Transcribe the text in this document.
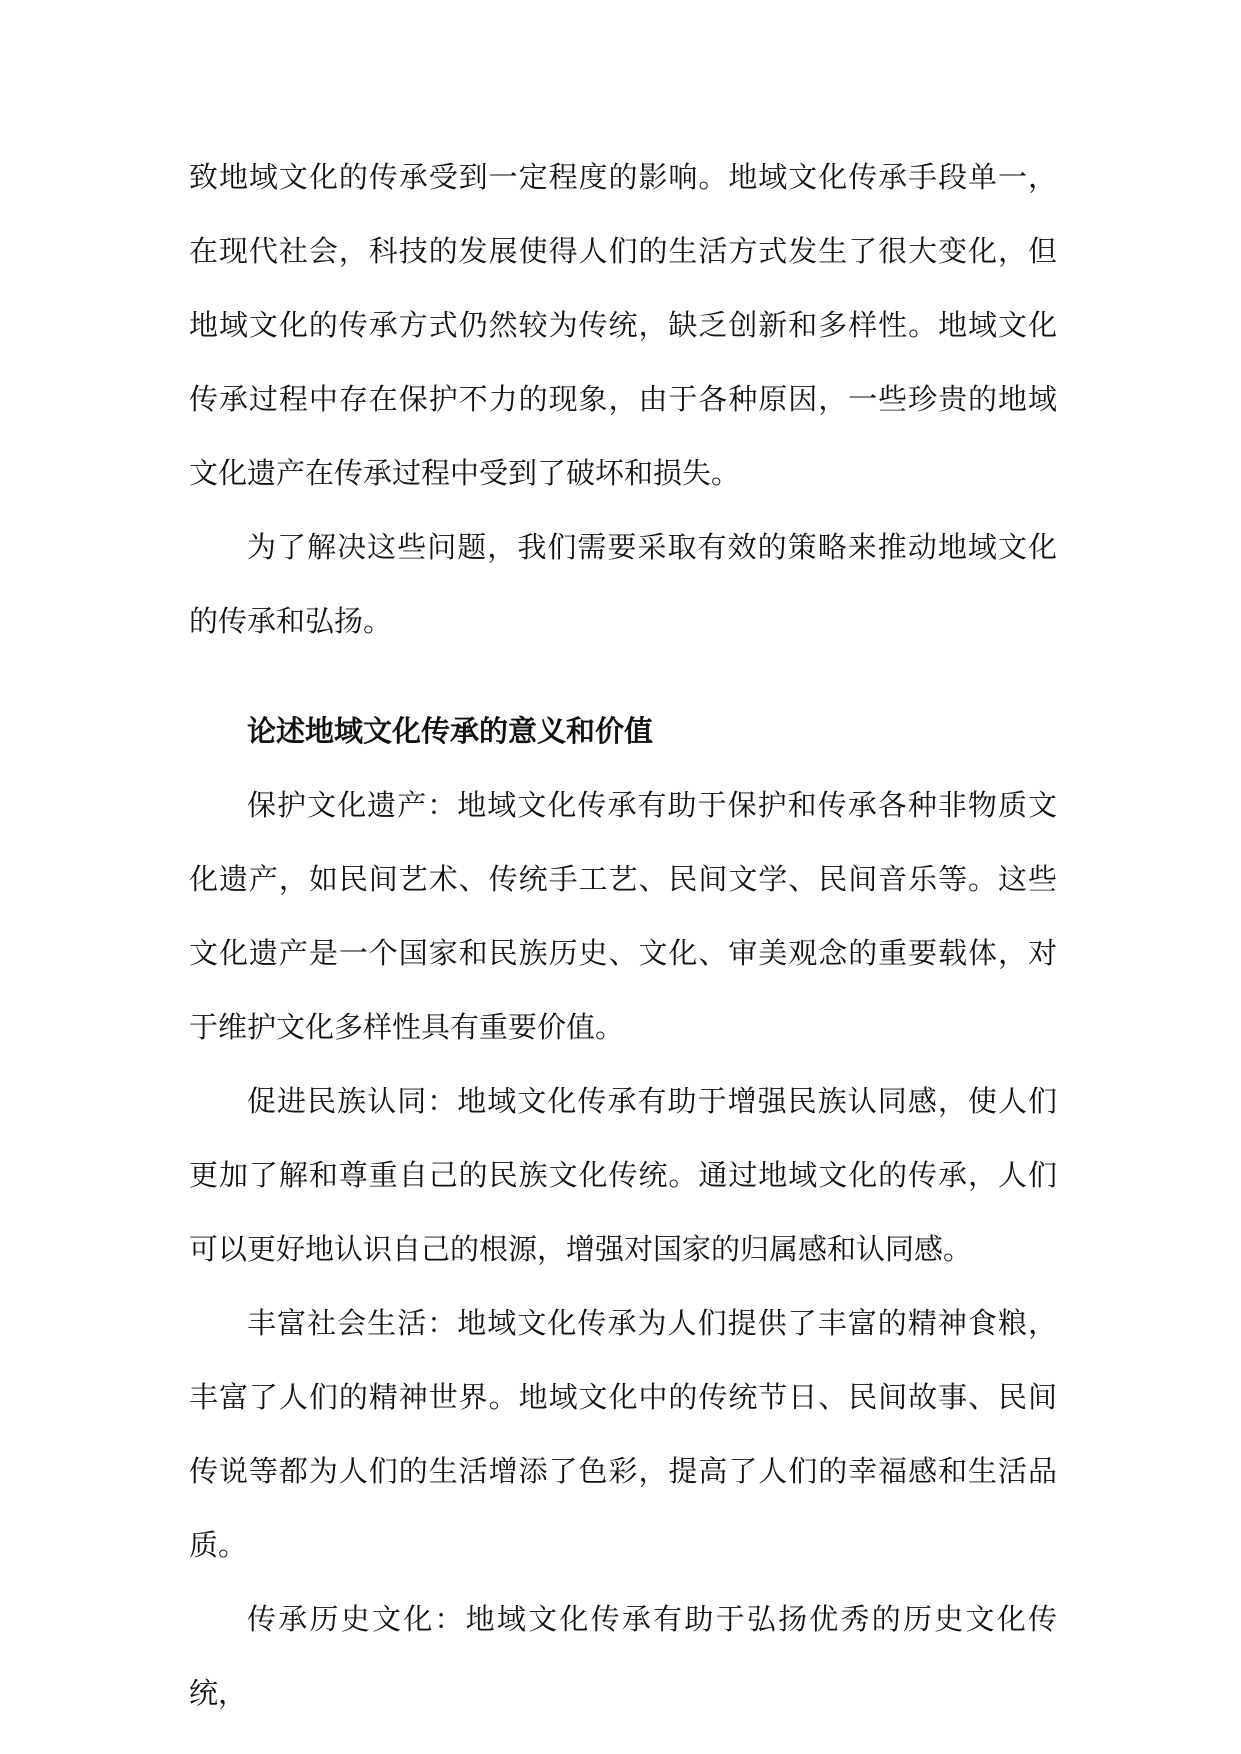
致地域文化的传承受到一定程度的影响。地域文化传承手段单一，在现代社会，科技的发展使得人们的生活方式发生了很大变化，但地域文化的传承方式仍然较为传统，缺乏创新和多样性。地域文化传承过程中存在保护不力的现象，由于各种原因，一些珍贵的地域文化遗产在传承过程中受到了破坏和损失。

为了解决这些问题，我们需要采取有效的策略来推动地域文化的传承和弘扬。

论述地域文化传承的意义和价值

保护文化遗产：地域文化传承有助于保护和传承各种非物质文化遗产，如民间艺术、传统手工艺、民间文学、民间音乐等。这些文化遗产是一个国家和民族历史、文化、审美观念的重要载体，对于维护文化多样性具有重要价值。

促进民族认同：地域文化传承有助于增强民族认同感，使人们更加了解和尊重自己的民族文化传统。通过地域文化的传承，人们可以更好地认识自己的根源，增强对国家的归属感和认同感。

丰富社会生活：地域文化传承为人们提供了丰富的精神食粮，丰富了人们的精神世界。地域文化中的传统节日、民间故事、民间传说等都为人们的生活增添了色彩，提高了人们的幸福感和生活品质。

传承历史文化：地域文化传承有助于弘扬优秀的历史文化传统，
